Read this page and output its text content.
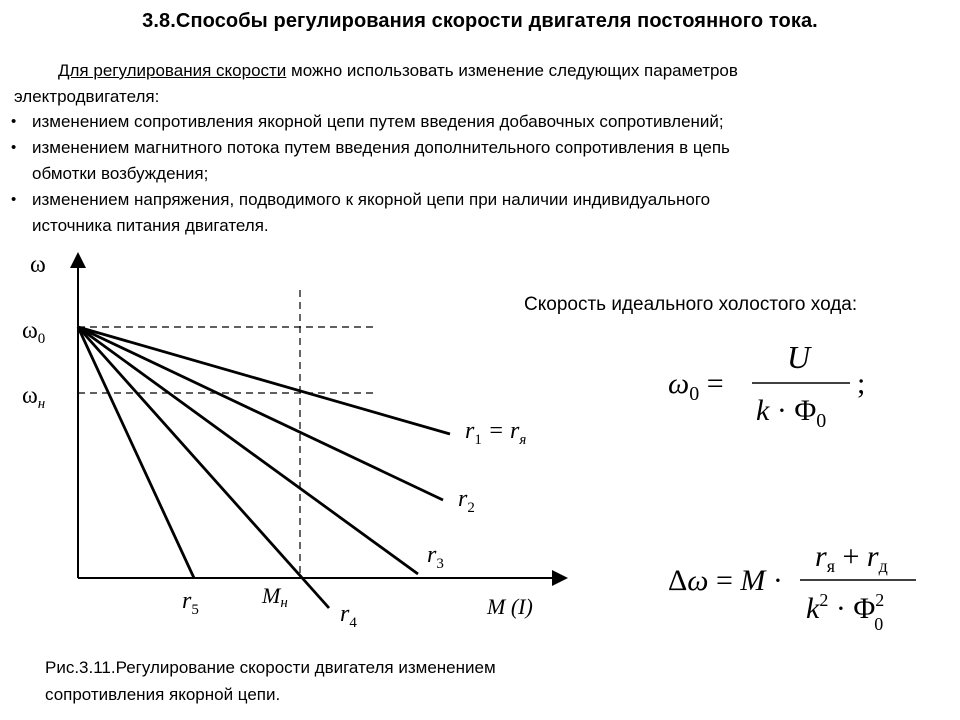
3.8.Способы регулирования скорости двигателя постоянного тока.
Для регулирования скорости можно использовать изменение следующих параметров
электродвигателя:
• изменением сопротивления якорной цепи путем введения добавочных сопротивлений;
• изменением магнитного потока путем введения дополнительного сопротивления в цепь
обмотки возбуждения;
• изменением напряжения, подводимого к якорной цепи при наличии индивидуального
источника питания двигателя.
ω
M (I)
$\omega_0$
$\omega_н$
Mн
$r_1 = r_я$
$r_2$
$r_3$
$r_4$
$r_5$
Скорость идеального холостого хода:
$\omega_0$ =
U
$k \cdot \Phi_0$
;
Δω = M ·
$r_я + r_д$
$k^2 \cdot \Phi^2$ 0
Рис.3.11.Регулирование скорости двигателя изменением
сопротивления якорной цепи.
